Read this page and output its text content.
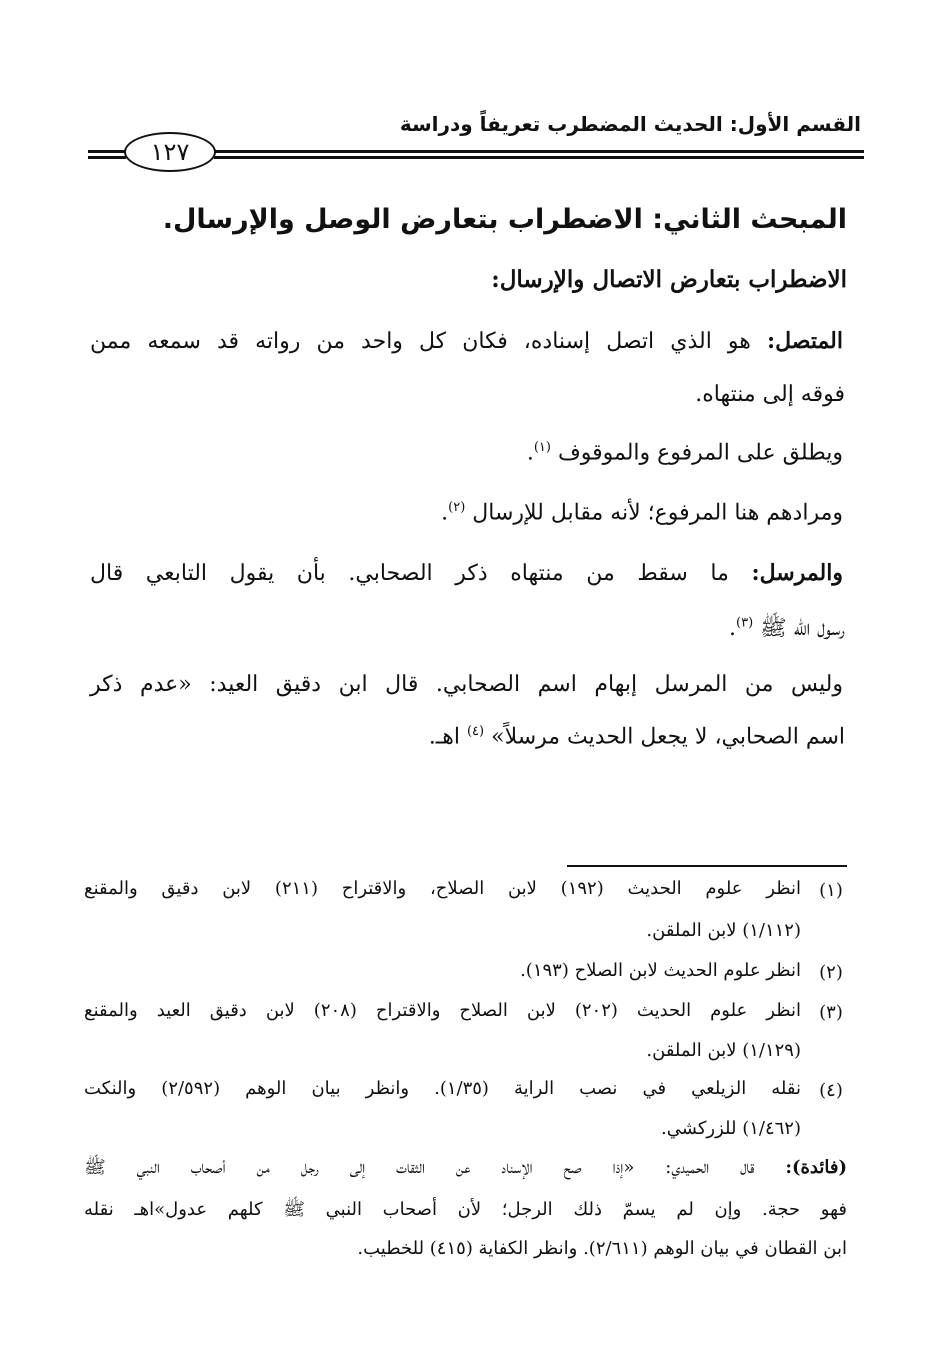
القسم الأول: الحديث المضطرب تعريفاً ودراسة
١٢٧
المبحث الثاني: الاضطراب بتعارض الوصل والإرسال.
الاضطراب بتعارض الاتصال والإرسال:
المتصل: هو الذي اتصل إسناده، فكان كل واحد من رواته قد سمعه ممن
فوقه إلى منتهاه.
ويطلق على المرفوع والموقوف $^{(١)}$.
ومرادهم هنا المرفوع؛ لأنه مقابل للإرسال $^{(٢)}$.
والمرسل: ما سقط من منتهاه ذكر الصحابي. بأن يقول التابعي قال
رسول الله ﷺ $^{(٣)}$.
وليس من المرسل إبهام اسم الصحابي. قال ابن دقيق العيد: «عدم ذكر
اسم الصحابي، لا يجعل الحديث مرسلاً» $^{(٤)}$ اهـ.
(١)
انظر علوم الحديث (١٩٢) لابن الصلاح، والاقتراح (٢١١) لابن دقيق والمقنع
(١/١١٢) لابن الملقن.
(٢)
انظر علوم الحديث لابن الصلاح (١٩٣).
(٣)
انظر علوم الحديث (٢٠٢) لابن الصلاح والاقتراح (٢٠٨) لابن دقيق العيد والمقنع
(١/١٢٩) لابن الملقن.
(٤)
نقله الزيلعي في نصب الراية (١/٣٥). وانظر بيان الوهم (٢/٥٩٢) والنكت
(١/٤٦٢) للزركشي.
(فائدة): قال الحميدي: «إذا صح الإسناد عن الثقات إلى رجل من أصحاب النبي ﷺ
فهو حجة. وإن لم يسمّ ذلك الرجل؛ لأن أصحاب النبي ﷺ كلهم عدول»اهـ نقله
ابن القطان في بيان الوهم (٢/٦١١). وانظر الكفاية (٤١٥) للخطيب.
